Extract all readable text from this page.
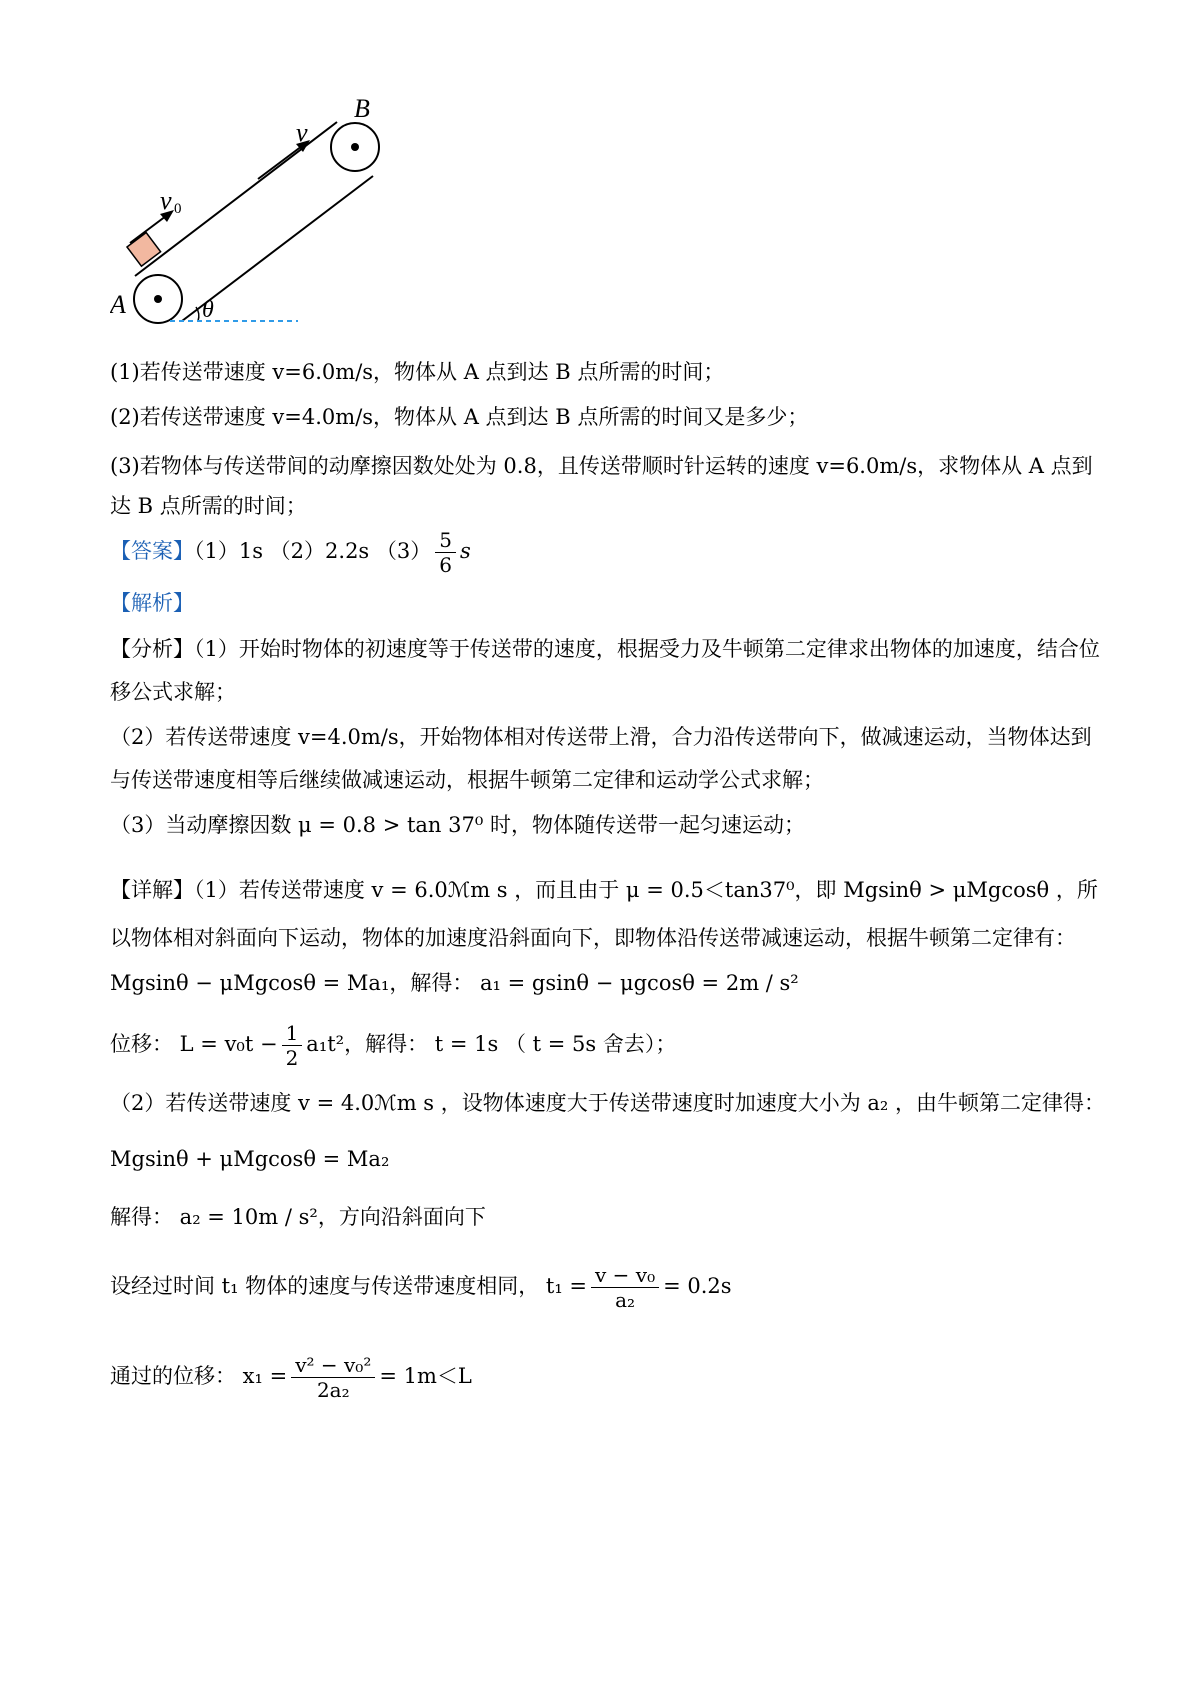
B
A
v
v 0
θ
(1)若传送带速度 v=6.0m/s，物体从 A 点到达 B 点所需的时间；
(2)若传送带速度 v=4.0m/s，物体从 A 点到达 B 点所需的时间又是多少；
(3)若物体与传送带间的动摩擦因数处处为 0.8，且传送带顺时针运转的速度 v=6.0m/s，求物体从 A 点到达 B 点所需的时间；
【答案】（1）1s （2）2.2s $(3) \frac{5}{6}$ s
【解析】
【分析】（1）开始时物体的初速度等于传送带的速度，根据受力及牛顿第二定律求出物体的加速度，结合位移公式求解；
（2）若传送带速度 v=4.0m/s，开始物体相对传送带上滑，合力沿传送带向下，做减速运动，当物体达到与传送带速度相等后继续做减速运动，根据牛顿第二定律和运动学公式求解；
（3）当动摩擦因数 μ = 0.8 > tan 37⁰ 时，物体随传送带一起匀速运动；
【详解】（1）若传送带速度 v = 6.0ℳm s ，而且由于 μ = 0.5＜tan37⁰，即 Mgsinθ > μMgcosθ ，所以物体相对斜面向下运动，物体的加速度沿斜面向下，即物体沿传送带减速运动，根据牛顿第二定律有：
Mgsinθ − μMgcosθ = Ma₁，解得： a₁ = gsinθ − μgcosθ = 2m / s²
位移： $L = v_0t - \frac{1}{2} a_1t^2$，解得： t = 1s （ t = 5s 舍去）；
（2）若传送带速度 v = 4.0ℳm s ，设物体速度大于传送带速度时加速度大小为 a₂ ，由牛顿第二定律得：
Mgsinθ + μMgcosθ = Ma₂
解得： a₂ = 10m / s²，方向沿斜面向下
设经过时间 t₁ 物体的速度与传送带速度相同， $t_1 = \frac{\text{v − v₀}}{\text{a₂}} = 0.2s$
通过的位移： $x_1 = \frac{\text{v² − v₀²}}{\text{2a₂}} = 1m<L$
